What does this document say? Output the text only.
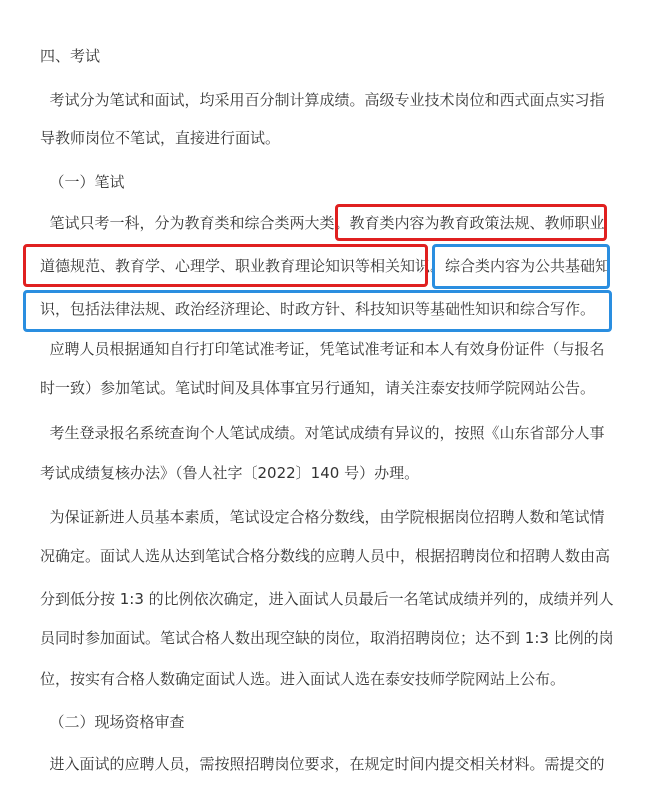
四、考试
考试分为笔试和面试，均采用百分制计算成绩。高级专业技术岗位和西式面点实习指
导教师岗位不笔试，直接进行面试。
（一）笔试
笔试只考一科，分为教育类和综合类两大类。教育类内容为教育政策法规、教师职业
道德规范、教育学、心理学、职业教育理论知识等相关知识。综合类内容为公共基础知
识，包括法律法规、政治经济理论、时政方针、科技知识等基础性知识和综合写作。
应聘人员根据通知自行打印笔试准考证，凭笔试准考证和本人有效身份证件（与报名
时一致）参加笔试。笔试时间及具体事宜另行通知，请关注泰安技师学院网站公告。
考生登录报名系统查询个人笔试成绩。对笔试成绩有异议的，按照《山东省部分人事
考试成绩复核办法》（鲁人社字〔2022〕140 号）办理。
为保证新进人员基本素质，笔试设定合格分数线，由学院根据岗位招聘人数和笔试情
况确定。面试人选从达到笔试合格分数线的应聘人员中，根据招聘岗位和招聘人数由高
分到低分按 1:3 的比例依次确定，进入面试人员最后一名笔试成绩并列的，成绩并列人
员同时参加面试。笔试合格人数出现空缺的岗位，取消招聘岗位；达不到 1:3 比例的岗
位，按实有合格人数确定面试人选。进入面试人选在泰安技师学院网站上公布。
（二）现场资格审查
进入面试的应聘人员，需按照招聘岗位要求，在规定时间内提交相关材料。需提交的
